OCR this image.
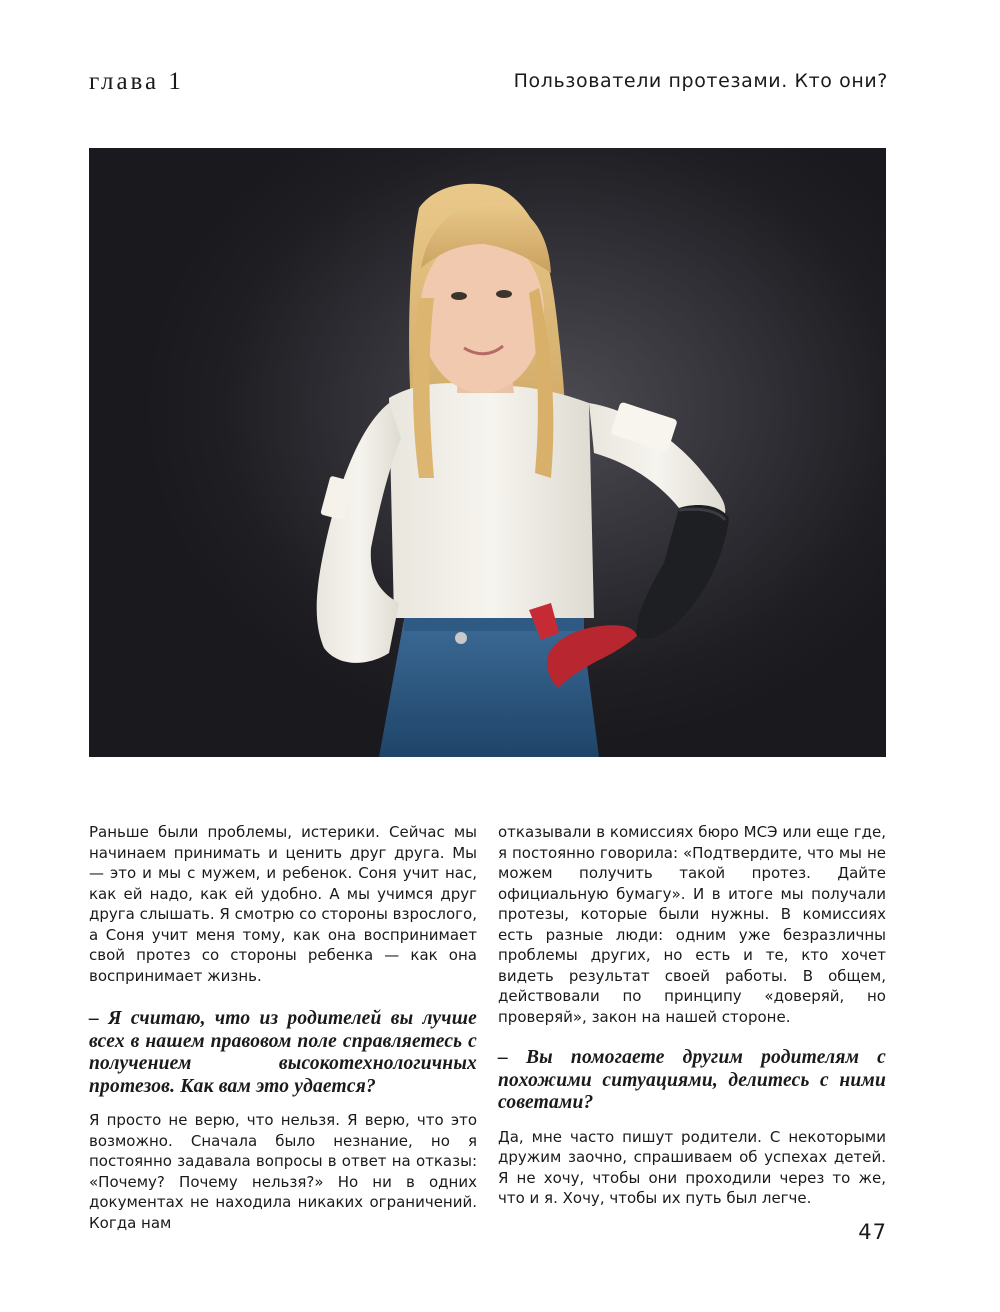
глава 1	Пользователи протезами. Кто они?

Раньше были проблемы, истерики. Сейчас мы начинаем принимать и ценить друг друга. Мы — это и мы с мужем, и ребенок. Соня учит нас, как ей надо, как ей удобно. А мы учимся друг друга слышать. Я смотрю со стороны взрослого, а Соня учит меня тому, как она воспринимает свой протез со стороны ребенка — как она воспринимает жизнь.

– Я считаю, что из родителей вы лучше всех в нашем правовом поле справляетесь с получением высокотехнологичных протезов. Как вам это удается?

Я просто не верю, что нельзя. Я верю, что это возможно. Сначала было незнание, но я постоянно задавала вопросы в ответ на отказы: «Почему? Почему нельзя?» Но ни в одних документах не находила никаких ограничений. Когда нам

отказывали в комиссиях бюро МСЭ или еще где, я постоянно говорила: «Подтвердите, что мы не можем получить такой протез. Дайте официальную бумагу». И в итоге мы получали протезы, которые были нужны. В комиссиях есть разные люди: одним уже безразличны проблемы других, но есть и те, кто хочет видеть результат своей работы. В общем, действовали по принципу «доверяй, но проверяй», закон на нашей стороне.

– Вы помогаете другим родителям с похожими ситуациями, делитесь с ними советами?

Да, мне часто пишут родители. С некоторыми дружим заочно, спрашиваем об успехах детей. Я не хочу, чтобы они проходили через то же, что и я. Хочу, чтобы их путь был легче.

47
